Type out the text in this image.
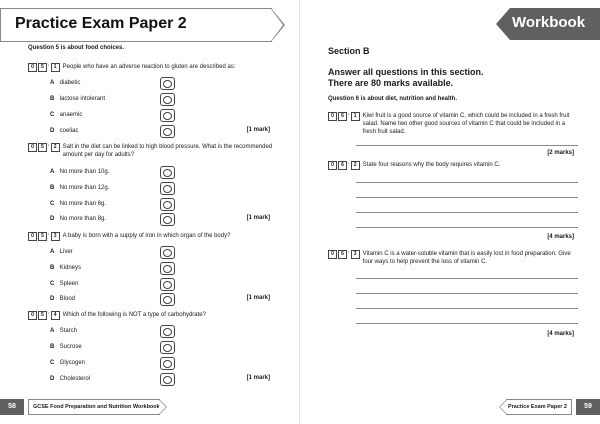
Practice Exam Paper 2
Question 5 is about food choices.
0	5 · 1	People who have an adverse reaction to gluten are described as:
A diabetic
B lactose intolerant
C anaemic
D coeliac	[1 mark]
0	5 · 2	Salt in the diet can be linked to high blood pressure. What is the recommended amount per day for adults?
A No more than 10g.
B No more than 12g.
C No more than 6g.
D No more than 8g.	[1 mark]
0	5 · 3	A baby is born with a supply of iron in which organ of the body?
A Liver
B Kidneys
C Spleen
D Blood	[1 mark]
0	5 · 4	Which of the following is NOT a type of carbohydrate?
A Starch
B Sucrose
C Glycogen
D Cholesterol	[1 mark]
58	GCSE Food Preparation and Nutrition Workbook
Workbook
Section B
Answer all questions in this section.
There are 80 marks available.
Question 6 is about diet, nutrition and health.
0	6 · 1	Kiwi fruit is a good source of vitamin C, which could be included in a fresh fruit salad. Name two other good sources of vitamin C that could be included in a fresh fruit salad.
[2 marks]
0	6 · 2	State four reasons why the body requires vitamin C.
[4 marks]
0	6 · 3	Vitamin C is a water-soluble vitamin that is easily lost in food preparation. Give four ways to help prevent the loss of vitamin C.
[4 marks]
Practice Exam Paper 2	59
